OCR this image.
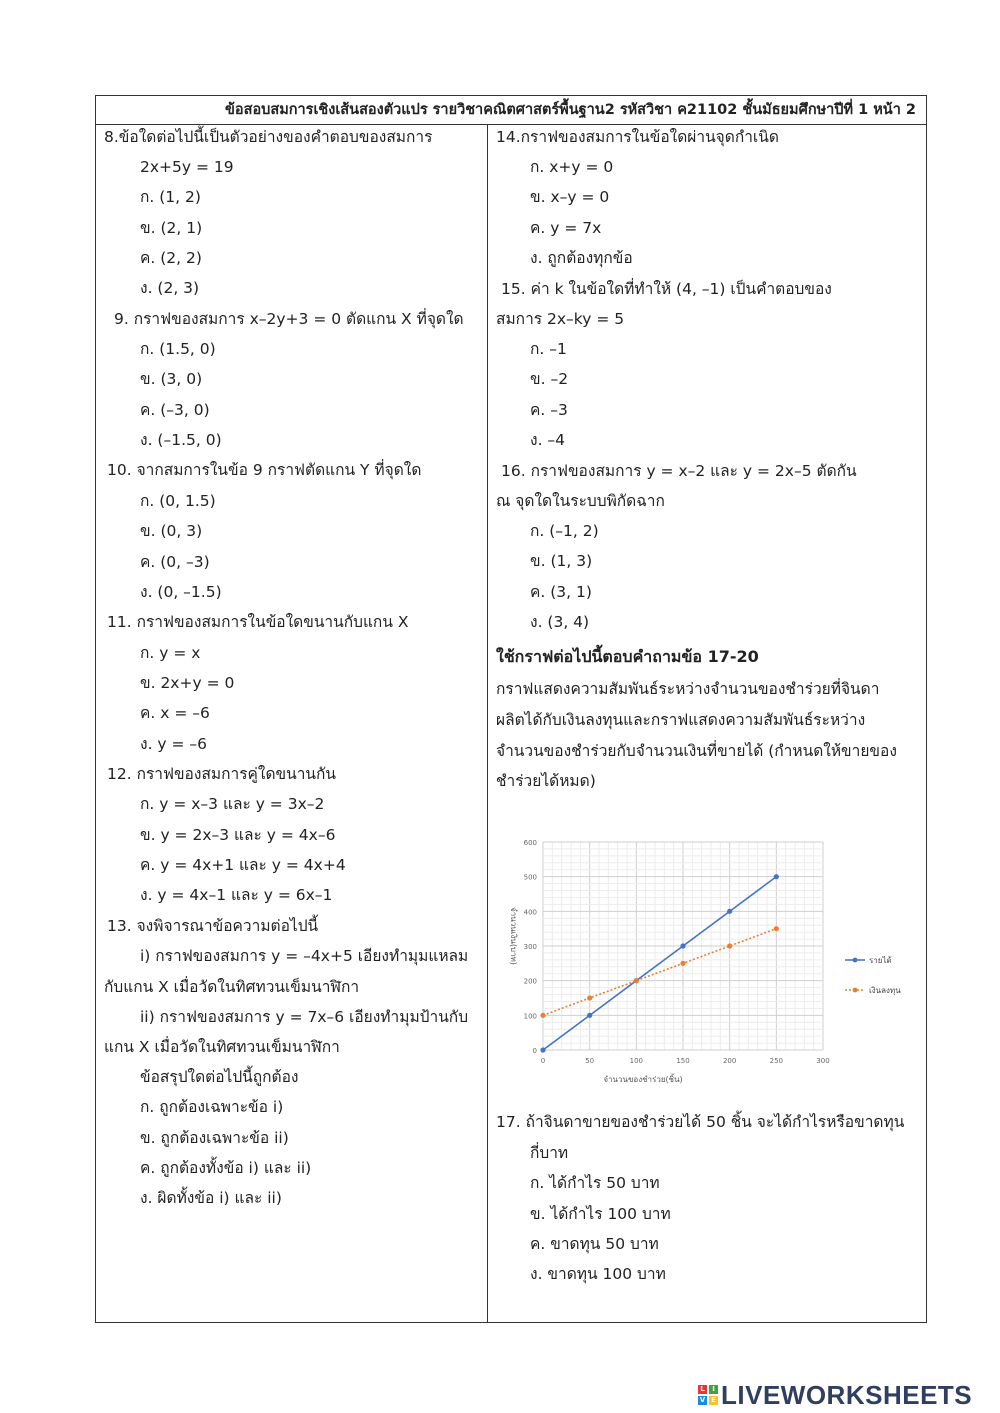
ข้อสอบสมการเชิงเส้นสองตัวแปร รายวิชาคณิตศาสตร์พื้นฐาน2 รหัสวิชา ค21102 ชั้นมัธยมศึกษาปีที่ 1 หน้า 2
8.ข้อใดต่อไปนี้เป็นตัวอย่างของคำตอบของสมการ
2x+5y = 19
ก. (1, 2)
ข. (2, 1)
ค. (2, 2)
ง. (2, 3)
9. กราฟของสมการ x–2y+3 = 0 ตัดแกน X ที่จุดใด
ก. (1.5, 0)
ข. (3, 0)
ค. (–3, 0)
ง. (–1.5, 0)
10. จากสมการในข้อ 9 กราฟตัดแกน Y ที่จุดใด
ก. (0, 1.5)
ข. (0, 3)
ค. (0, –3)
ง. (0, –1.5)
11. กราฟของสมการในข้อใดขนานกับแกน X
ก. y = x
ข. 2x+y = 0
ค. x = –6
ง. y = –6
12. กราฟของสมการคู่ใดขนานกัน
ก. y = x–3 และ y = 3x–2
ข. y = 2x–3 และ y = 4x–6
ค. y = 4x+1 และ y = 4x+4
ง. y = 4x–1 และ y = 6x–1
13. จงพิจารณาข้อความต่อไปนี้
i) กราฟของสมการ y = –4x+5 เอียงทำมุมแหลม
กับแกน X เมื่อวัดในทิศทวนเข็มนาฬิกา
ii) กราฟของสมการ y = 7x–6 เอียงทำมุมป้านกับ
แกน X เมื่อวัดในทิศทวนเข็มนาฬิกา
ข้อสรุปใดต่อไปนี้ถูกต้อง
ก. ถูกต้องเฉพาะข้อ i)
ข. ถูกต้องเฉพาะข้อ ii)
ค. ถูกต้องทั้งข้อ i) และ ii)
ง. ผิดทั้งข้อ i) และ ii)
14.กราฟของสมการในข้อใดผ่านจุดกำเนิด
ก. x+y = 0
ข. x–y = 0
ค. y = 7x
ง. ถูกต้องทุกข้อ
15. ค่า k ในข้อใดที่ทำให้ (4, –1) เป็นคำตอบของ
สมการ 2x–ky = 5
ก. –1
ข. –2
ค. –3
ง. –4
16. กราฟของสมการ y = x–2 และ y = 2x–5 ตัดกัน
ณ จุดใดในระบบพิกัดฉาก
ก. (–1, 2)
ข. (1, 3)
ค. (3, 1)
ง. (3, 4)
ใช้กราฟต่อไปนี้ตอบคำถามข้อ 17-20
กราฟแสดงความสัมพันธ์ระหว่างจำนวนของชำร่วยที่จินดา
ผลิตได้กับเงินลงทุนและกราฟแสดงความสัมพันธ์ระหว่าง
จำนวนของชำร่วยกับจำนวนเงินที่ขายได้ (กำหนดให้ขายของ
ชำร่วยได้หมด)
17. ถ้าจินดาขายของชำร่วยได้ 50 ชิ้น จะได้กำไรหรือขาดทุน
กี่บาท
ก. ได้กำไร 50 บาท
ข. ได้กำไร 100 บาท
ค. ขาดทุน 50 บาท
ง. ขาดทุน 100 บาท
0	50	100	150	200	250	300
0
100
200
300
400
500
600
จำนวนของชำร่วย(ชิ้น)
จำนวนเงิน(บาท)	รายได้
เงินลงทุน
L	I
V E LIVEWORKSHEETS
